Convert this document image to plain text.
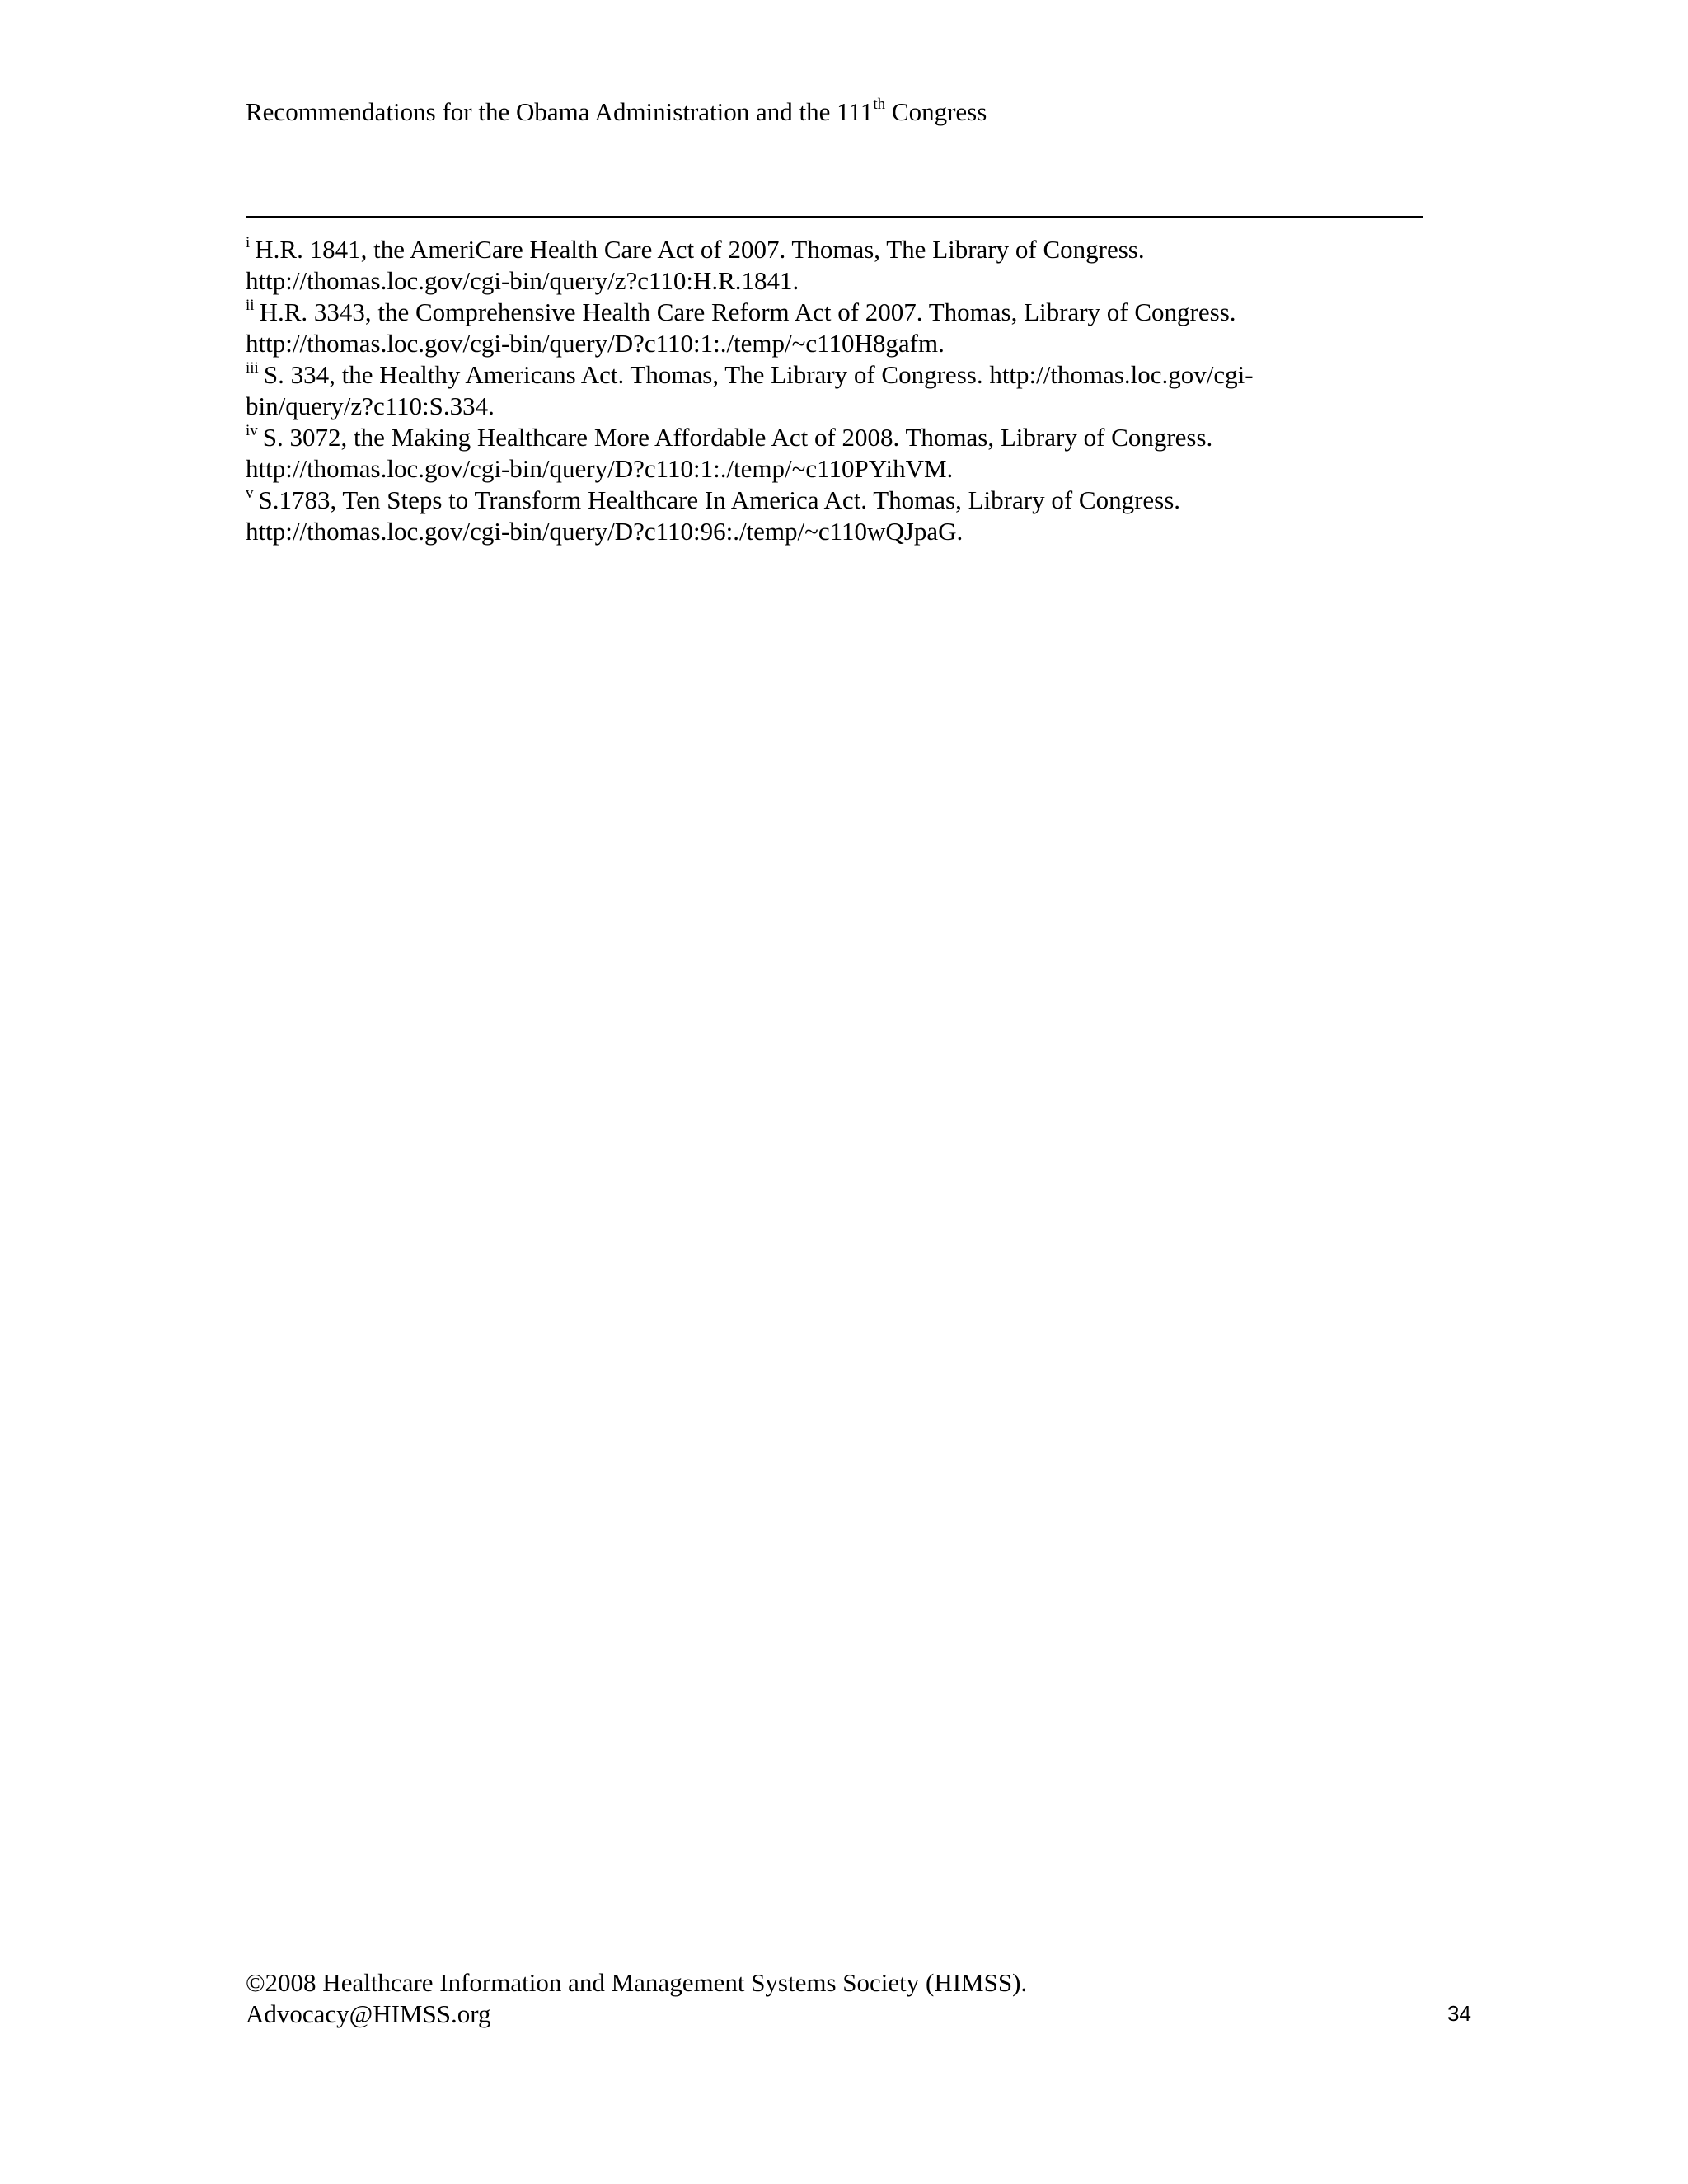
Recommendations for the Obama Administration and the 111th Congress
$^i$ H.R. 1841, the AmeriCare Health Care Act of 2007. Thomas, The Library of Congress.
http://thomas.loc.gov/cgi-bin/query/z?c110:H.R.1841.
$^{ii}$ H.R. 3343, the Comprehensive Health Care Reform Act of 2007. Thomas, Library of Congress.
http://thomas.loc.gov/cgi-bin/query/D?c110:1:./temp/~c110H8gafm.
$^{iii}$ S. 334, the Healthy Americans Act. Thomas, The Library of Congress. http://thomas.loc.gov/cgi-
bin/query/z?c110:S.334.
$^{iv}$ S. 3072, the Making Healthcare More Affordable Act of 2008. Thomas, Library of Congress.
http://thomas.loc.gov/cgi-bin/query/D?c110:1:./temp/~c110PYihVM.
$^v$ S.1783, Ten Steps to Transform Healthcare In America Act. Thomas, Library of Congress.
http://thomas.loc.gov/cgi-bin/query/D?c110:96:./temp/~c110wQJpaG.
©2008 Healthcare Information and Management Systems Society (HIMSS).
Advocacy@HIMSS.org	34
